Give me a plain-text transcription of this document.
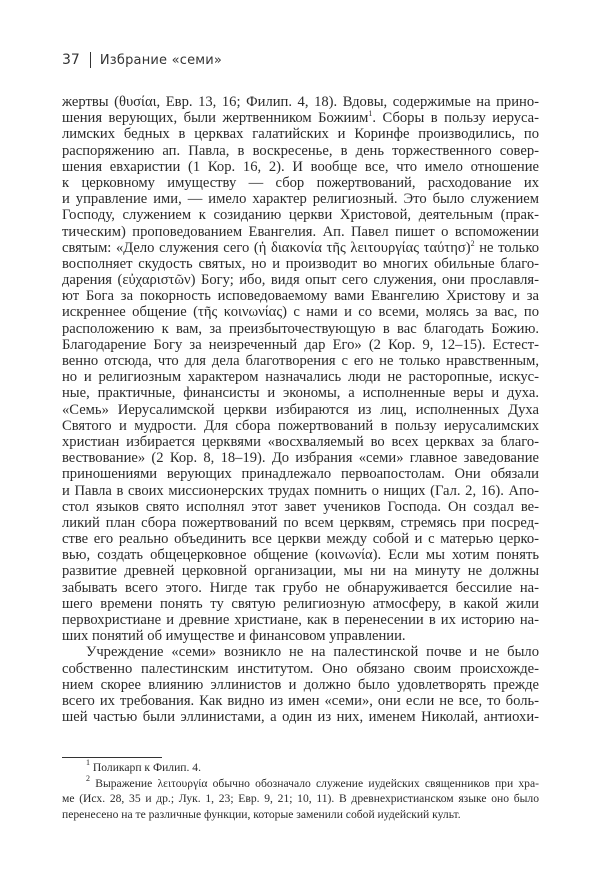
37 Избрание «семи»
жертвы (θυσίαι, Евр. 13, 16; Филип. 4, 18). Вдовы, содержимые на прино-
шения верующих, были жертвенником Божиим$^1$. Сборы в пользу иеруса-
лимских бедных в церквах галатийских и Коринфе производились, по
распоряжению ап. Павла, в воскресенье, в день торжественного совер-
шения евхаристии (1 Кор. 16, 2). И вообще все, что имело отношение
к церковному имуществу — сбор пожертвований, расходование их
и управление ими, — имело характер религиозный. Это было служением
Господу, служением к созиданию церкви Христовой, деятельным (прак-
тическим) проповедованием Евангелия. Ап. Павел пишет о вспоможении
святым: «Дело служения сего (ἡ διακονία τῆς λειτουργίας ταύτησ)$^2$ не только
восполняет скудость святых, но и производит во многих обильные благо-
дарения (εὐχαριστῶν) Богу; ибо, видя опыт сего служения, они прославля-
ют Бога за покорность исповедоваемому вами Евангелию Христову и за
искреннее общение (τῆς κοινωνίας) с нами и со всеми, молясь за вас, по
расположению к вам, за преизбыточествующую в вас благодать Божию.
Благодарение Богу за неизреченный дар Его» (2 Кор. 9, 12–15). Естест-
венно отсюда, что для дела благотворения с его не только нравственным,
но и религиозным характером назначались люди не расторопные, искус-
ные, практичные, финансисты и экономы, а исполненные веры и духа.
«Семь» Иерусалимской церкви избираются из лиц, исполненных Духа
Святого и мудрости. Для сбора пожертвований в пользу иерусалимских
христиан избирается церквями «восхваляемый во всех церквах за благо-
вествование» (2 Кор. 8, 18–19). До избрания «семи» главное заведование
приношениями верующих принадлежало первоапостолам. Они обязали
и Павла в своих миссионерских трудах помнить о нищих (Гал. 2, 16). Апо-
стол языков свято исполнял этот завет учеников Господа. Он создал ве-
ликий план сбора пожертвований по всем церквям, стремясь при посред-
стве его реально объединить все церкви между собой и с матерью церко-
вью, создать общецерковное общение (κοινωνία). Если мы хотим понять
развитие древней церковной организации, мы ни на минуту не должны
забывать всего этого. Нигде так грубо не обнаруживается бессилие на-
шего времени понять ту святую религиозную атмосферу, в какой жили
первохристиане и древние христиане, как в перенесении в их историю на-
ших понятий об имуществе и финансовом управлении.
Учреждение «семи» возникло не на палестинской почве и не было
собственно палестинским институтом. Оно обязано своим происхожде-
нием скорее влиянию эллинистов и должно было удовлетворять прежде
всего их требования. Как видно из имен «семи», они если не все, то боль-
шей частью были эллинистами, а один из них, именем Николай, антиохи-
$^1$ Поликарп к Филип. 4.
$^2$ Выражение λειτουργία обычно обозначало служение иудейских священников при хра-
ме (Исх. 28, 35 и др.; Лук. 1, 23; Евр. 9, 21; 10, 11). В древнехристианском языке оно было
перенесено на те различные функции, которые заменили собой иудейский культ.
